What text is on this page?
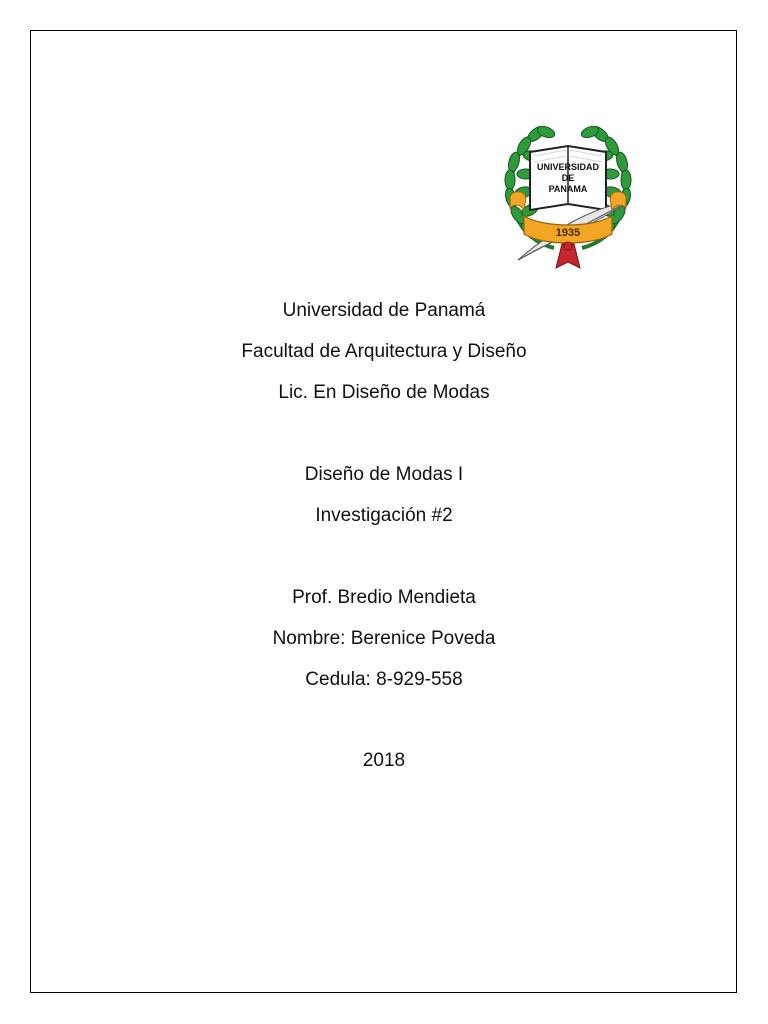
UNIVERSIDAD
DE
PANAMA
1935
Universidad de Panamá
Facultad de Arquitectura y Diseño
Lic. En Diseño de Modas
Diseño de Modas I
Investigación #2
Prof. Bredio Mendieta
Nombre: Berenice Poveda
Cedula: 8-929-558
2018
